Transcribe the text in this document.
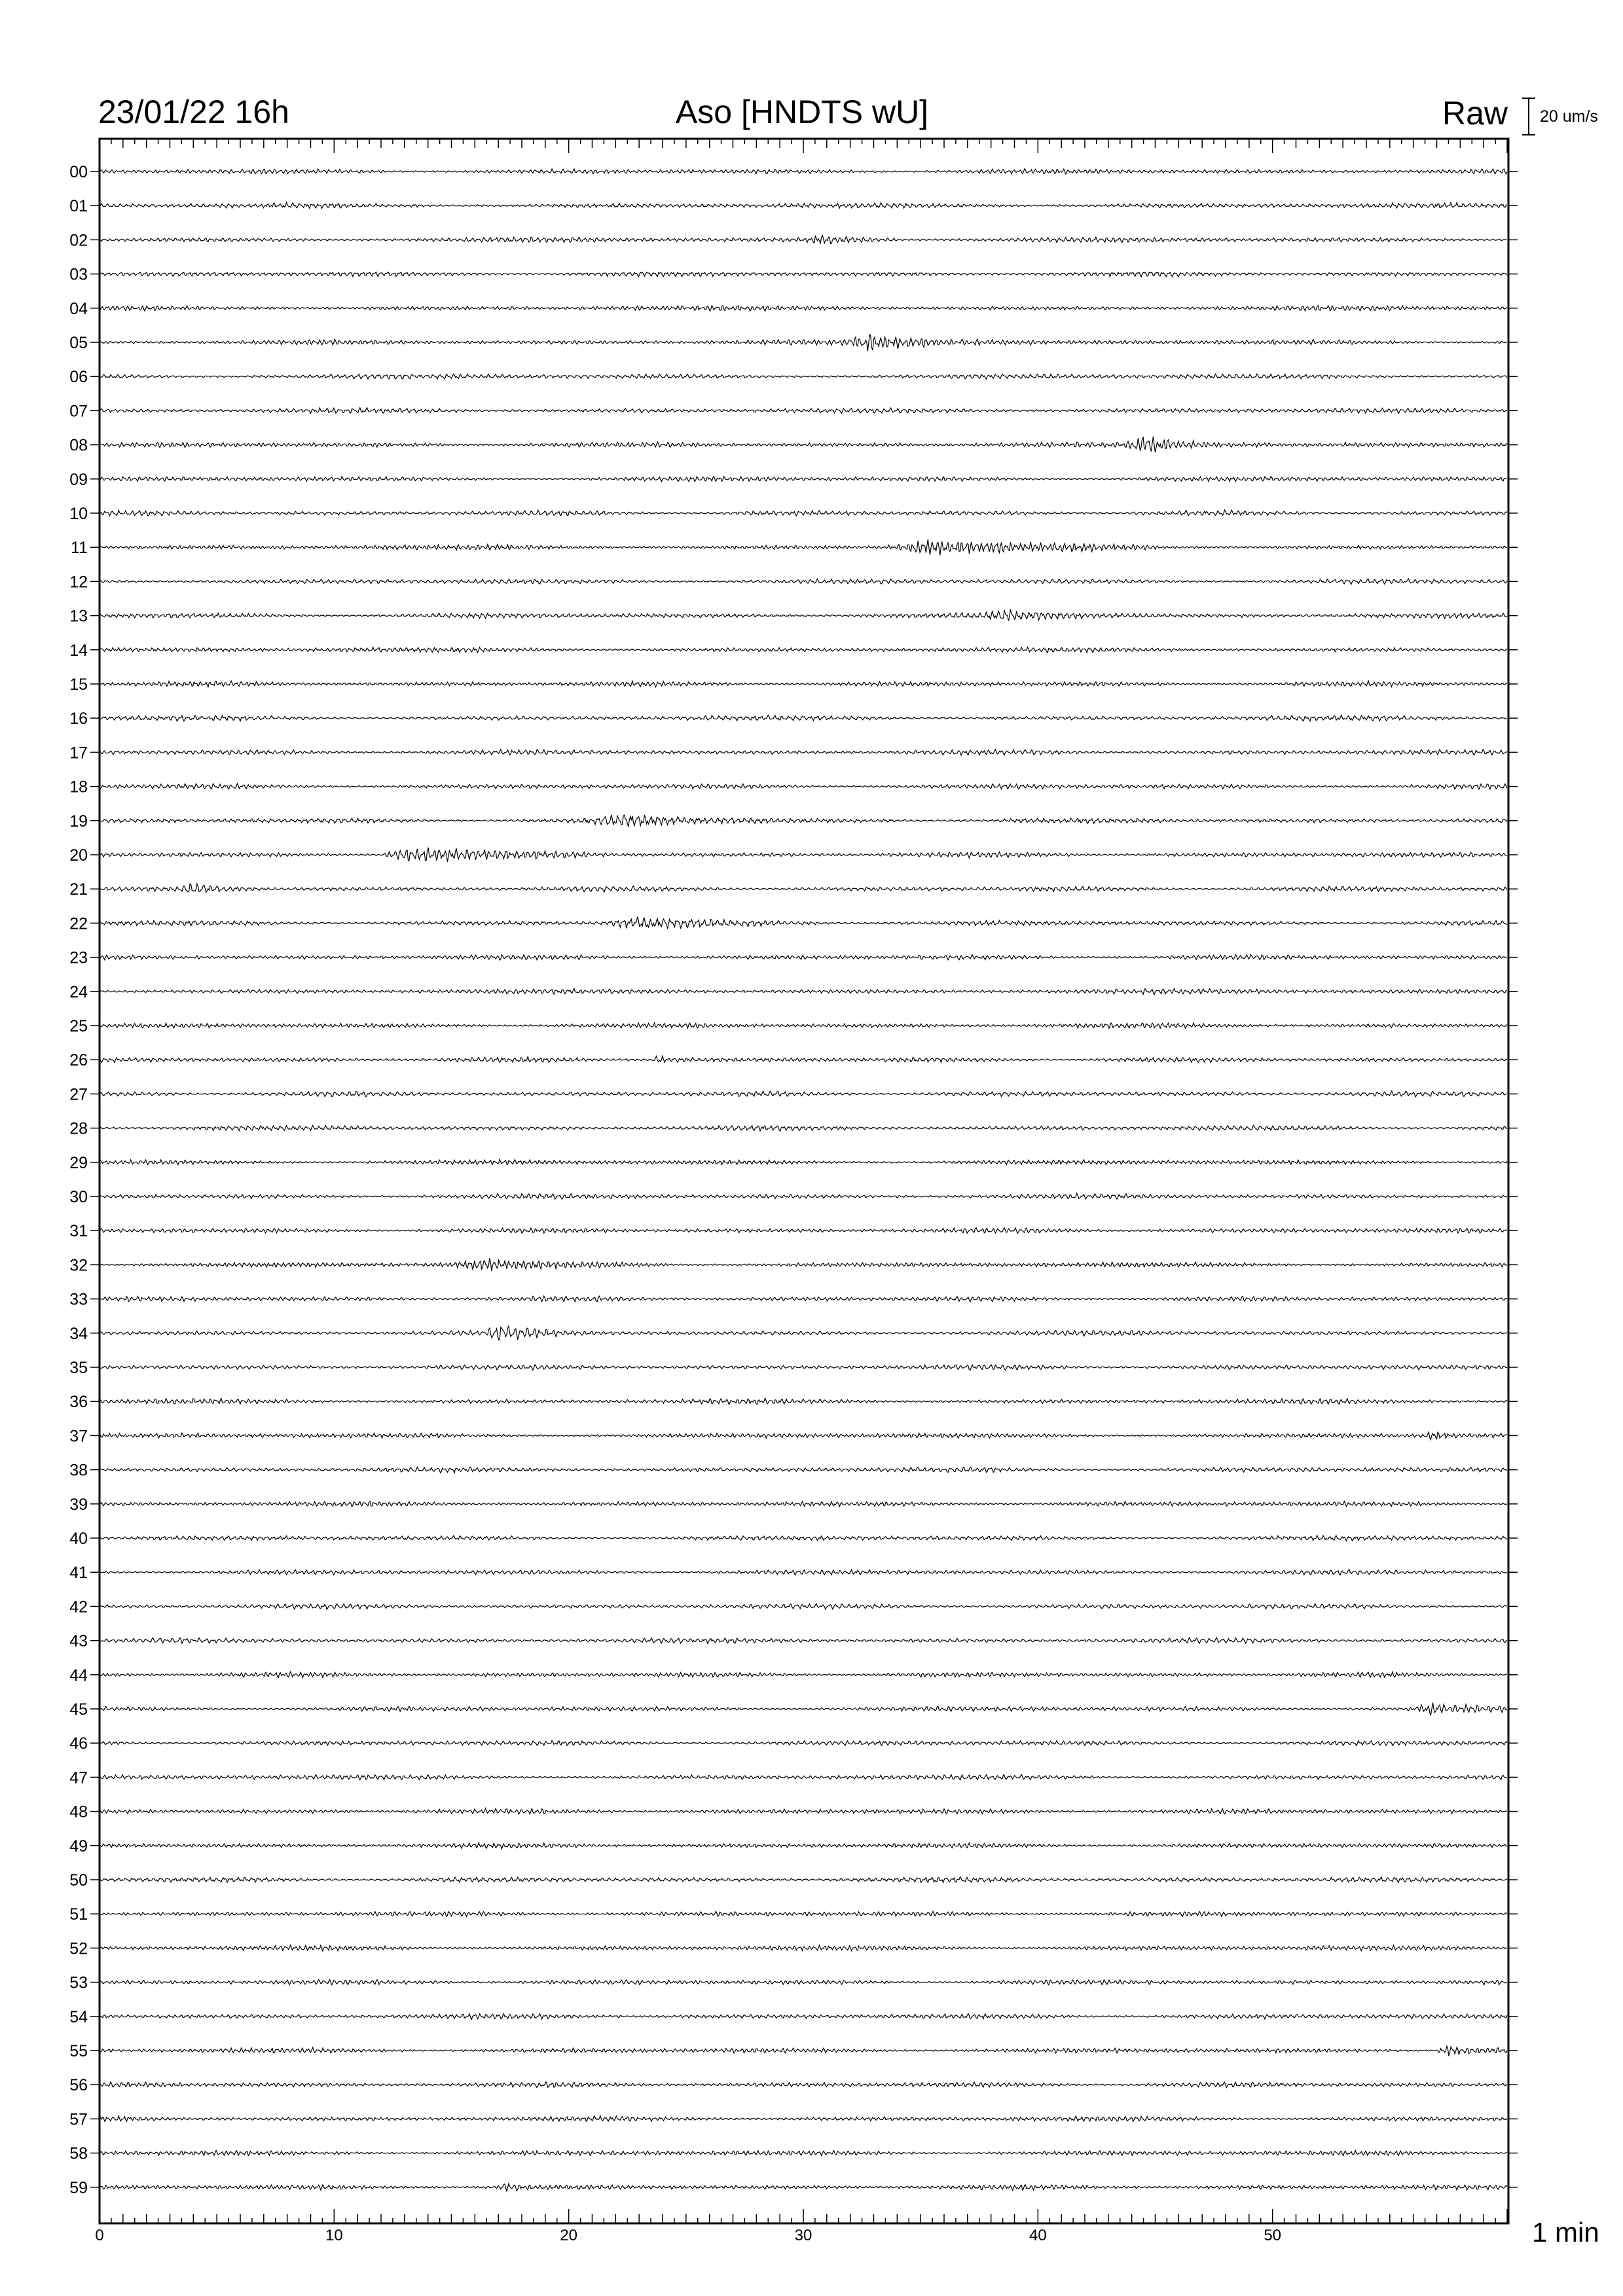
23/01/22 16h	Aso [HNDTS wU]	Raw 20 um/s
00
01
02
03
04
05
06
07
08
09
10
11
12
13
14
15
16
17
18
19
20
21
22
23
24
25
26
27
28
29
30
31
32
33
34
35
36
37
38
39
40
41
42
43
44
45
46
47
48
49
50
51
52
53
54
55
56
57
58
59
0	10	20	30	40	50	1 min
